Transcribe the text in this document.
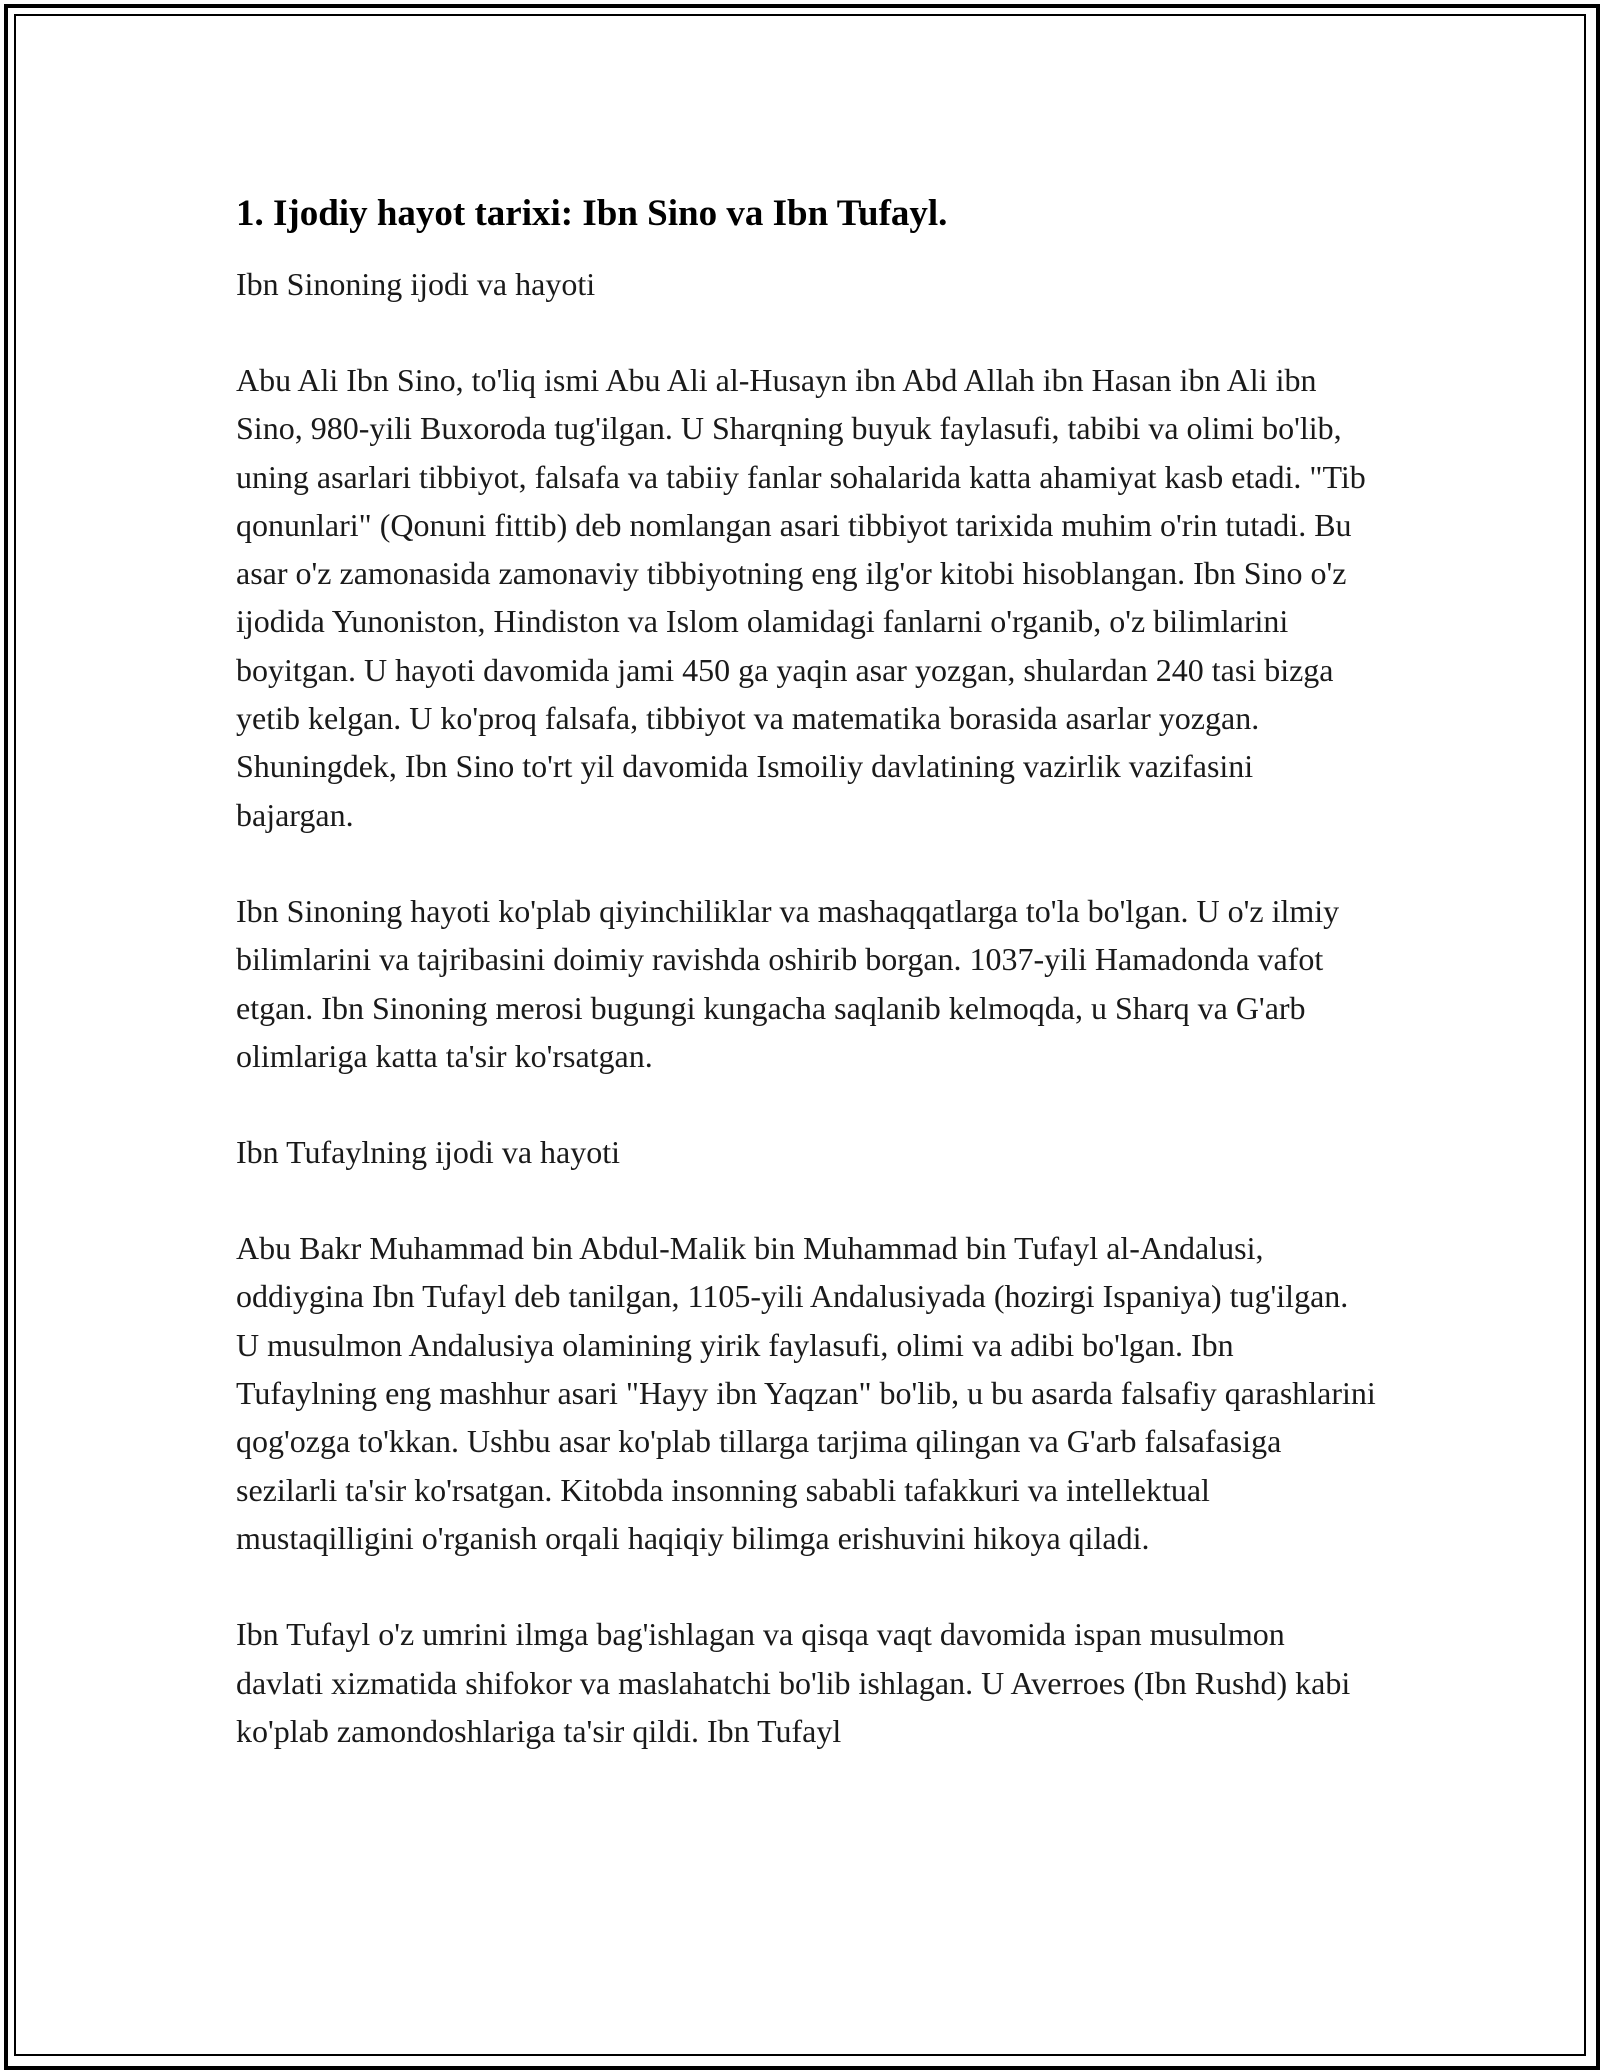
1. Ijodiy hayot tarixi: Ibn Sino va Ibn Tufayl.

Ibn Sinoning ijodi va hayoti

Abu Ali Ibn Sino, to'liq ismi Abu Ali al-Husayn ibn Abd Allah ibn Hasan ibn Ali ibn Sino, 980-yili Buxoroda tug'ilgan. U Sharqning buyuk faylasufi, tabibi va olimi bo'lib, uning asarlari tibbiyot, falsafa va tabiiy fanlar sohalarida katta ahamiyat kasb etadi. "Tib qonunlari" (Qonuni fittib) deb nomlangan asari tibbiyot tarixida muhim o'rin tutadi. Bu asar o'z zamonasida zamonaviy tibbiyotning eng ilg'or kitobi hisoblangan. Ibn Sino o'z ijodida Yunoniston, Hindiston va Islom olamidagi fanlarni o'rganib, o'z bilimlarini boyitgan. U hayoti davomida jami 450 ga yaqin asar yozgan, shulardan 240 tasi bizga yetib kelgan. U ko'proq falsafa, tibbiyot va matematika borasida asarlar yozgan. Shuningdek, Ibn Sino to'rt yil davomida Ismoiliy davlatining vazirlik vazifasini bajargan.

Ibn Sinoning hayoti ko'plab qiyinchiliklar va mashaqqatlarga to'la bo'lgan. U o'z ilmiy bilimlarini va tajribasini doimiy ravishda oshirib borgan. 1037-yili Hamadonda vafot etgan. Ibn Sinoning merosi bugungi kungacha saqlanib kelmoqda, u Sharq va G'arb olimlariga katta ta'sir ko'rsatgan.

Ibn Tufaylning ijodi va hayoti

Abu Bakr Muhammad bin Abdul-Malik bin Muhammad bin Tufayl al-Andalusi, oddiygina Ibn Tufayl deb tanilgan, 1105-yili Andalusiyada (hozirgi Ispaniya) tug'ilgan. U musulmon Andalusiya olamining yirik faylasufi, olimi va adibi bo'lgan. Ibn Tufaylning eng mashhur asari "Hayy ibn Yaqzan" bo'lib, u bu asarda falsafiy qarashlarini qog'ozga to'kkan. Ushbu asar ko'plab tillarga tarjima qilingan va G'arb falsafasiga sezilarli ta'sir ko'rsatgan. Kitobda insonning sababli tafakkuri va intellektual mustaqilligini o'rganish orqali haqiqiy bilimga erishuvini hikoya qiladi.

Ibn Tufayl o'z umrini ilmga bag'ishlagan va qisqa vaqt davomida ispan musulmon davlati xizmatida shifokor va maslahatchi bo'lib ishlagan. U Averroes (Ibn Rushd) kabi ko'plab zamondoshlariga ta'sir qildi. Ibn Tufayl
